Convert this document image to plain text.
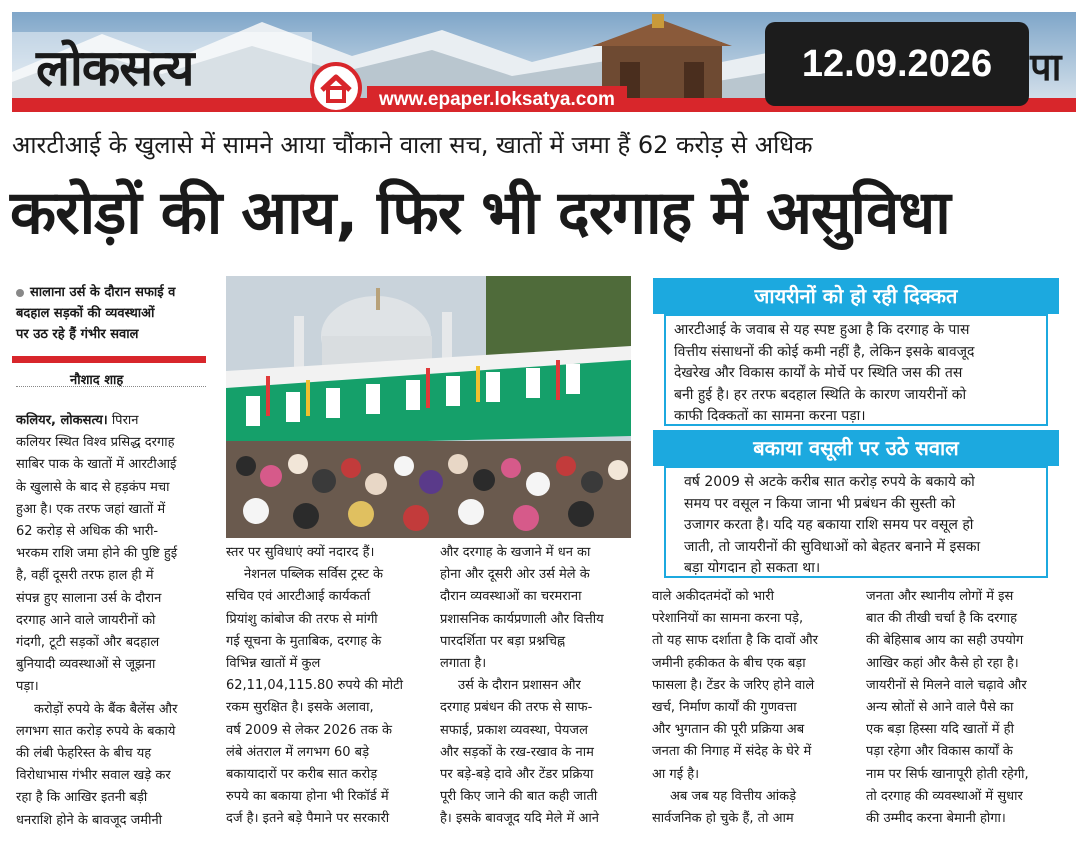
लोकसत्य
www.epaper.loksatya.com
12.09.2026 पा
आरटीआई के खुलासे में सामने आया चौंकाने वाला सच, खातों में जमा हैं 62 करोड़ से अधिक
करोड़ों की आय, फिर भी दरगाह में असुविधा
सालाना उर्स के दौरान सफाई व
बदहाल सड़कों की व्यवस्थाओं
पर उठ रहे हैं गंभीर सवाल
नौशाद शाह

कलियर, लोकसत्य। पिरान

कलियर स्थित विश्व प्रसिद्ध दरगाह
साबिर पाक के खातों में आरटीआई
के खुलासे के बाद से हड़कंप मचा
हुआ है। एक तरफ जहां खातों में
62 करोड़ से अधिक की भारी-
भरकम राशि जमा होने की पुष्टि हुई
है, वहीं दूसरी तरफ हाल ही में
संपन्न हुए सालाना उर्स के दौरान
दरगाह आने वाले जायरीनों को
गंदगी, टूटी सड़कों और बदहाल
बुनियादी व्यवस्थाओं से जूझना
पड़ा।
करोड़ों रुपये के बैंक बैलेंस और
लगभग सात करोड़ रुपये के बकाये
की लंबी फेहरिस्त के बीच यह
विरोधाभास गंभीर सवाल खड़े कर
रहा है कि आखिर इतनी बड़ी
धनराशि होने के बावजूद जमीनी
स्तर पर सुविधाएं क्यों नदारद हैं।
नेशनल पब्लिक सर्विस ट्रस्ट के
सचिव एवं आरटीआई कार्यकर्ता
प्रियांशु कांबोज की तरफ से मांगी
गई सूचना के मुताबिक, दरगाह के
विभिन्न खातों में कुल
62,11,04,115.80 रुपये की मोटी
रकम सुरक्षित है। इसके अलावा,
वर्ष 2009 से लेकर 2026 तक के
लंबे अंतराल में लगभग 60 बड़े
बकायादारों पर करीब सात करोड़
रुपये का बकाया होना भी रिकॉर्ड में
दर्ज है। इतने बड़े पैमाने पर सरकारी
और दरगाह के खजाने में धन का
होना और दूसरी ओर उर्स मेले के
दौरान व्यवस्थाओं का चरमराना
प्रशासनिक कार्यप्रणाली और वित्तीय
पारदर्शिता पर बड़ा प्रश्नचिह्न
लगाता है।
उर्स के दौरान प्रशासन और
दरगाह प्रबंधन की तरफ से साफ-
सफाई, प्रकाश व्यवस्था, पेयजल
और सड़कों के रख-रखाव के नाम
पर बड़े-बड़े दावे और टेंडर प्रक्रिया
पूरी किए जाने की बात कही जाती
है। इसके बावजूद यदि मेले में आने
जायरीनों को हो रही दिक्कत
आरटीआई के जवाब से यह स्पष्ट हुआ है कि दरगाह के पास
वित्तीय संसाधनों की कोई कमी नहीं है, लेकिन इसके बावजूद
देखरेख और विकास कार्यों के मोर्चे पर स्थिति जस की तस
बनी हुई है। हर तरफ बदहाल स्थिति के कारण जायरीनों को
काफी दिक्कतों का सामना करना पड़ा।
बकाया वसूली पर उठे सवाल
वर्ष 2009 से अटके करीब सात करोड़ रुपये के बकाये को
समय पर वसूल न किया जाना भी प्रबंधन की सुस्ती को
उजागर करता है। यदि यह बकाया राशि समय पर वसूल हो
जाती, तो जायरीनों की सुविधाओं को बेहतर बनाने में इसका
बड़ा योगदान हो सकता था।
वाले अकीदतमंदों को भारी
परेशानियों का सामना करना पड़े,
तो यह साफ दर्शाता है कि दावों और
जमीनी हकीकत के बीच एक बड़ा
फासला है। टेंडर के जरिए होने वाले
खर्च, निर्माण कार्यों की गुणवत्ता
और भुगतान की पूरी प्रक्रिया अब
जनता की निगाह में संदेह के घेरे में
आ गई है।
अब जब यह वित्तीय आंकड़े
सार्वजनिक हो चुके हैं, तो आम
जनता और स्थानीय लोगों में इस
बात की तीखी चर्चा है कि दरगाह
की बेहिसाब आय का सही उपयोग
आखिर कहां और कैसे हो रहा है।
जायरीनों से मिलने वाले चढ़ावे और
अन्य स्रोतों से आने वाले पैसे का
एक बड़ा हिस्सा यदि खातों में ही
पड़ा रहेगा और विकास कार्यों के
नाम पर सिर्फ खानापूरी होती रहेगी,
तो दरगाह की व्यवस्थाओं में सुधार
की उम्मीद करना बेमानी होगा।
